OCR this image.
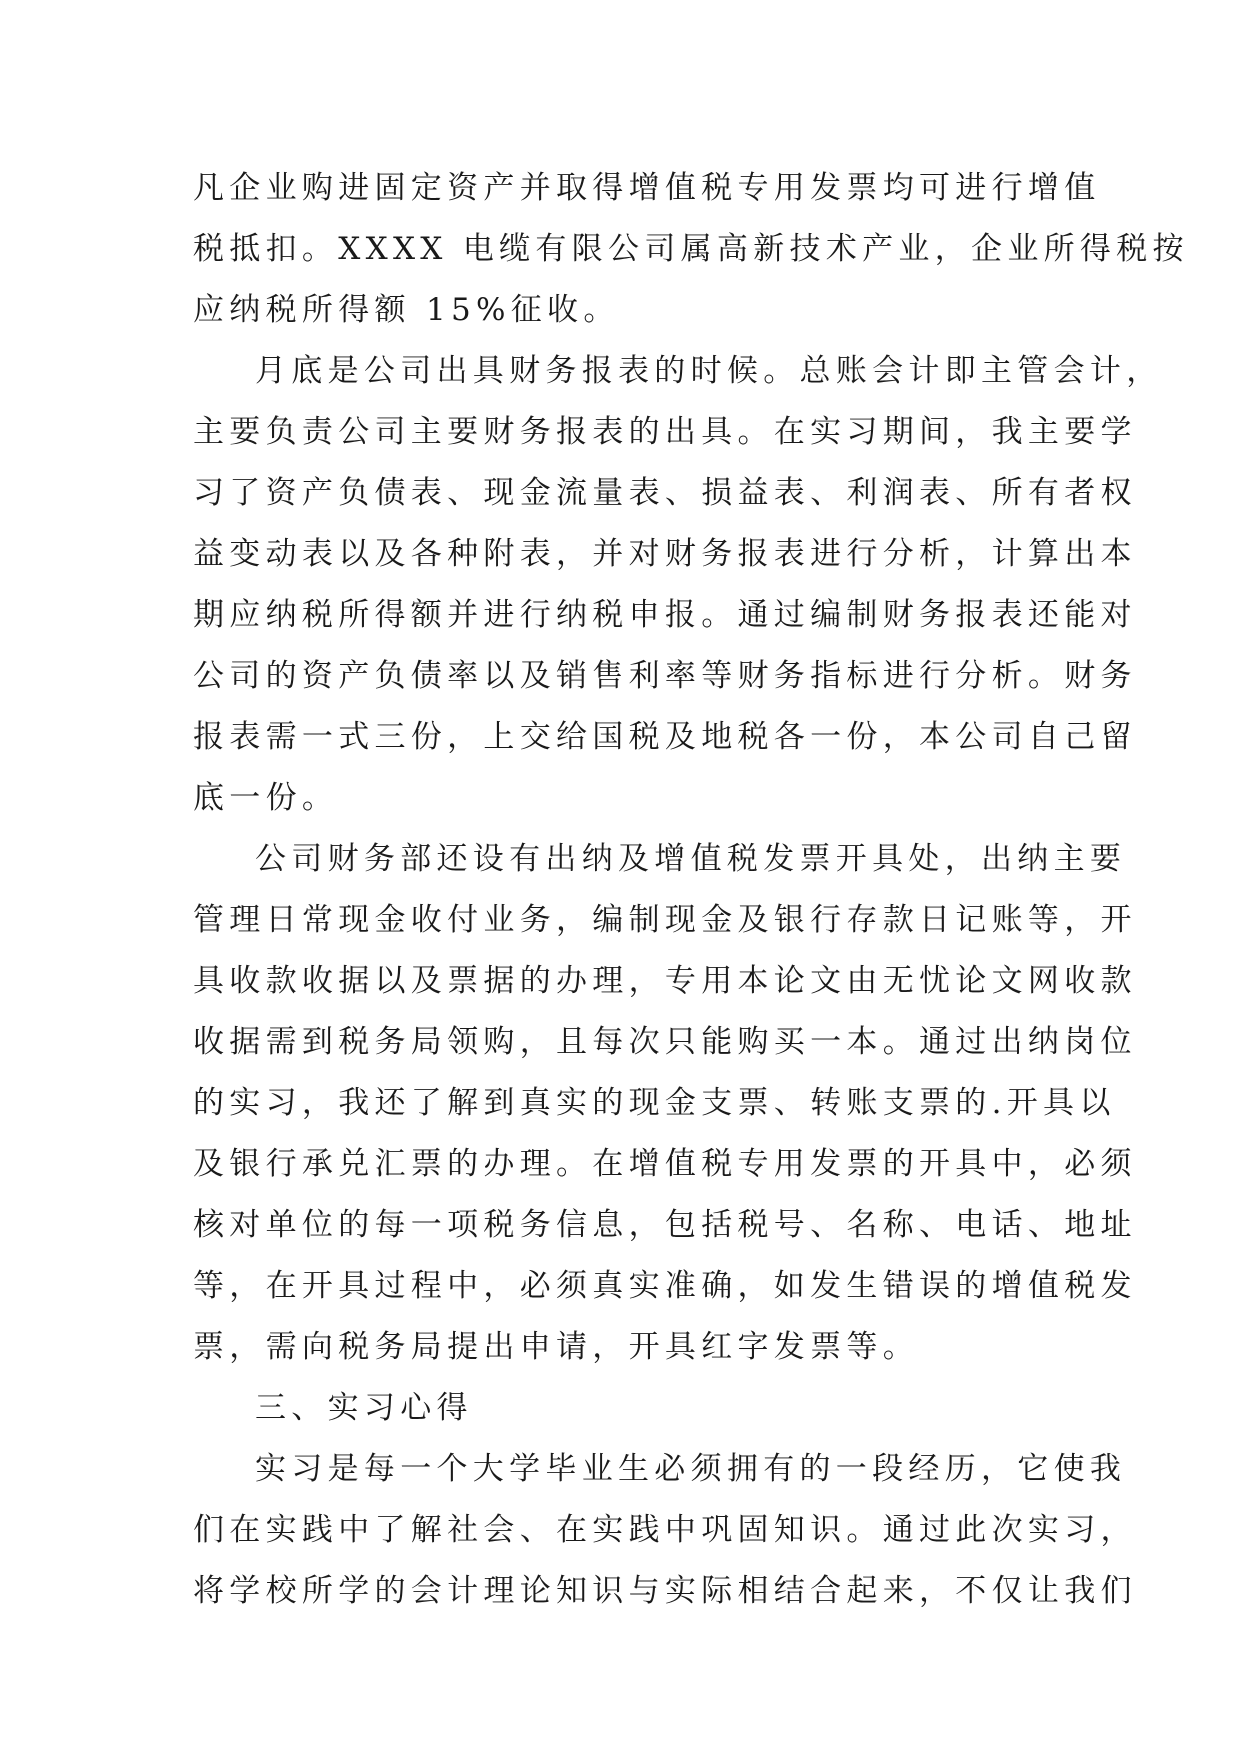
凡企业购进固定资产并取得增值税专用发票均可进行增值
税抵扣。XXXX 电缆有限公司属高新技术产业，企业所得税按
应纳税所得额 15%征收。
月底是公司出具财务报表的时候。总账会计即主管会计，
主要负责公司主要财务报表的出具。在实习期间，我主要学
习了资产负债表、现金流量表、损益表、利润表、所有者权
益变动表以及各种附表，并对财务报表进行分析，计算出本
期应纳税所得额并进行纳税申报。通过编制财务报表还能对
公司的资产负债率以及销售利率等财务指标进行分析。财务
报表需一式三份，上交给国税及地税各一份，本公司自己留
底一份。
公司财务部还设有出纳及增值税发票开具处，出纳主要
管理日常现金收付业务，编制现金及银行存款日记账等，开
具收款收据以及票据的办理，专用本论文由无忧论文网收款
收据需到税务局领购，且每次只能购买一本。通过出纳岗位
的实习，我还了解到真实的现金支票、转账支票的.开具以
及银行承兑汇票的办理。在增值税专用发票的开具中，必须
核对单位的每一项税务信息，包括税号、名称、电话、地址
等，在开具过程中，必须真实准确，如发生错误的增值税发
票，需向税务局提出申请，开具红字发票等。
三、实习心得
实习是每一个大学毕业生必须拥有的一段经历，它使我
们在实践中了解社会、在实践中巩固知识。通过此次实习，
将学校所学的会计理论知识与实际相结合起来，不仅让我们
